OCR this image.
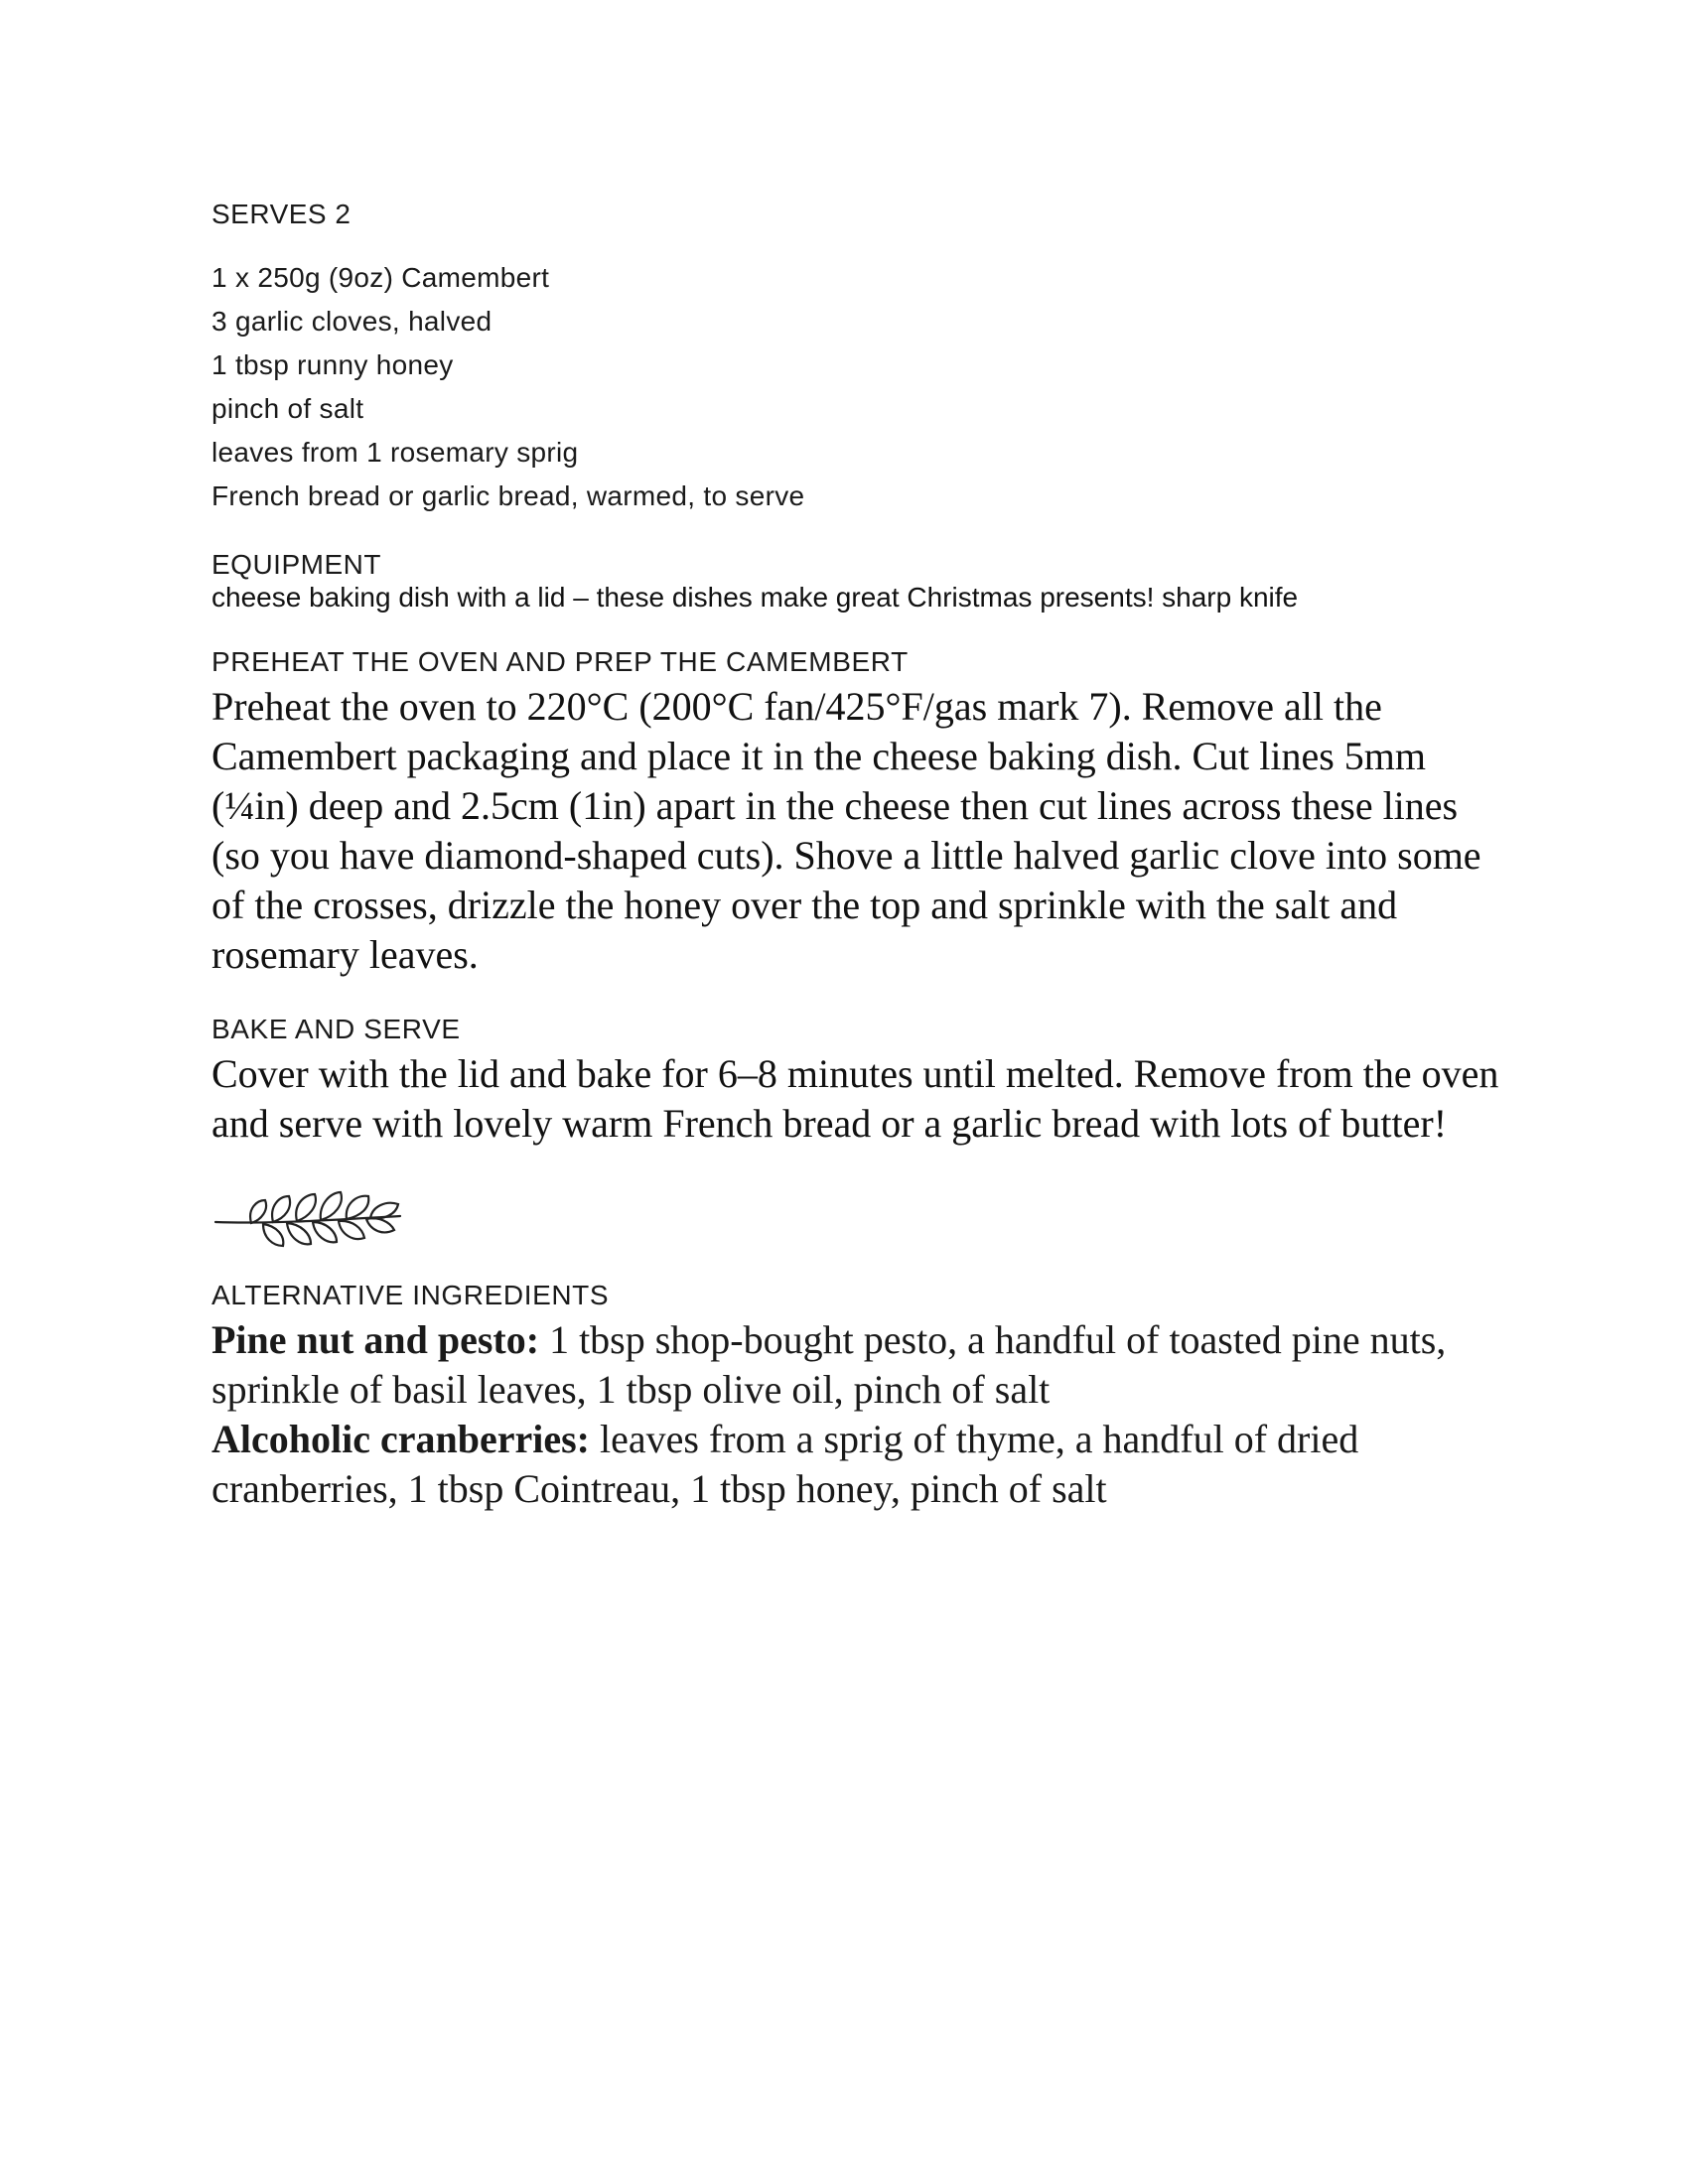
SERVES 2
1 x 250g (9oz) Camembert
3 garlic cloves, halved
1 tbsp runny honey
pinch of salt
leaves from 1 rosemary sprig
French bread or garlic bread, warmed, to serve
EQUIPMENT

cheese baking dish with a lid – these dishes make great Christmas presents! sharp knife

PREHEAT THE OVEN AND PREP THE CAMEMBERT

Preheat the oven to 220°C (200°C fan/425°F/gas mark 7). Remove all the Camembert packaging and place it in the cheese baking dish. Cut lines 5mm (¼in) deep and 2.5cm (1in) apart in the cheese then cut lines across these lines (so you have diamond-shaped cuts). Shove a little halved garlic clove into some of the crosses, drizzle the honey over the top and sprinkle with the salt and rosemary leaves.

BAKE AND SERVE

Cover with the lid and bake for 6–8 minutes until melted. Remove from the oven and serve with lovely warm French bread or a garlic bread with lots of butter!

ALTERNATIVE INGREDIENTS

Pine nut and pesto: 1 tbsp shop-bought pesto, a handful of toasted pine nuts, sprinkle of basil leaves, 1 tbsp olive oil, pinch of salt

Alcoholic cranberries: leaves from a sprig of thyme, a handful of dried cranberries, 1 tbsp Cointreau, 1 tbsp honey, pinch of salt
